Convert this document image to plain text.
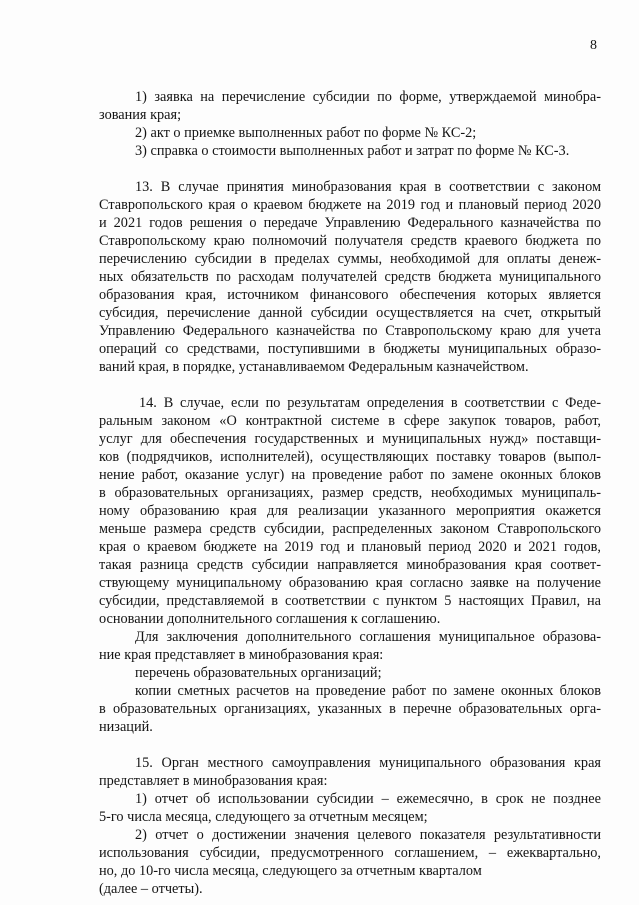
8
1) заявка на перечисление субсидии по форме, утверждаемой минобра-
зования края;
2) акт о приемке выполненных работ по форме № КС-2;
3) справка о стоимости выполненных работ и затрат по форме № КС-3.
13. В случае принятия минобразования края в соответствии с законом
Ставропольского края о краевом бюджете на 2019 год и плановый период 2020
и 2021 годов решения о передаче Управлению Федерального казначейства по
Ставропольскому краю полномочий получателя средств краевого бюджета по
перечислению субсидии в пределах суммы, необходимой для оплаты денеж-
ных обязательств по расходам получателей средств бюджета муниципального
образования края, источником финансового обеспечения которых является
субсидия, перечисление данной субсидии осуществляется на счет, открытый
Управлению Федерального казначейства по Ставропольскому краю для учета
операций со средствами, поступившими в бюджеты муниципальных образо-
ваний края, в порядке, устанавливаемом Федеральным казначейством.
14. В случае, если по результатам определения в соответствии с Феде-
ральным законом «О контрактной системе в сфере закупок товаров, работ,
услуг для обеспечения государственных и муниципальных нужд» поставщи-
ков (подрядчиков, исполнителей), осуществляющих поставку товаров (выпол-
нение работ, оказание услуг) на проведение работ по замене оконных блоков
в образовательных организациях, размер средств, необходимых муниципаль-
ному образованию края для реализации указанного мероприятия окажется
меньше размера средств субсидии, распределенных законом Ставропольского
края о краевом бюджете на 2019 год и плановый период 2020 и 2021 годов,
такая разница средств субсидии направляется минобразования края соответ-
ствующему муниципальному образованию края согласно заявке на получение
субсидии, представляемой в соответствии с пунктом 5 настоящих Правил, на
основании дополнительного соглашения к соглашению.
Для заключения дополнительного соглашения муниципальное образова-
ние края представляет в минобразования края:
перечень образовательных организаций;
копии сметных расчетов на проведение работ по замене оконных блоков
в образовательных организациях, указанных в перечне образовательных орга-
низаций.
15. Орган местного самоуправления муниципального образования края
представляет в минобразования края:
1) отчет об использовании субсидии – ежемесячно, в срок не позднее
5-го числа месяца, следующего за отчетным месяцем;
2) отчет о достижении значения целевого показателя результативности
использования субсидии, предусмотренного соглашением, – ежеквартально,
но, до 10-го числа месяца, следующего за отчетным кварталом
(далее – отчеты).
